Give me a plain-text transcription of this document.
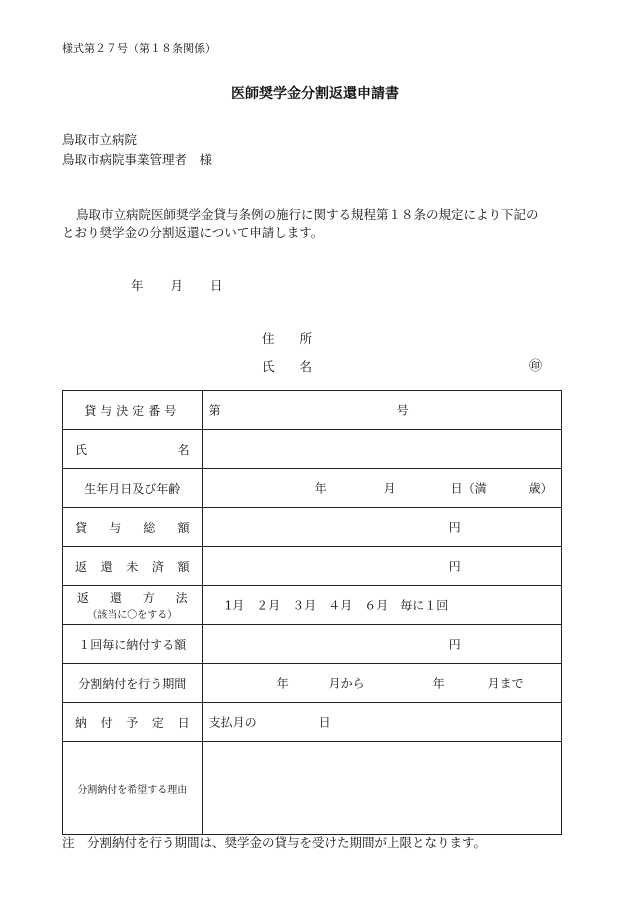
様式第２７号（第１８条関係）
医師奨学金分割返還申請書
鳥取市立病院
鳥取市病院事業管理者　様
鳥取市立病院医師奨学金貸与条例の施行に関する規程第１８条の規定により下記の
とおり奨学金の分割返還について申請します。
年 月 日
住　　所
氏　　名	㊞
貸与決定番号	第 号

氏 名	

生年月日及び年齢	年 月 日（満 歳）

貸 与 総 額	円

返 還 未 済 額	円

返 還 方 法
（該当に〇をする）	1月　２月　３月　４月　６月　毎に１回

１回毎に納付する額	円

分割納付を行う期間	年 月から 年 月まで

納 付 予 定 日	支払月の 日

分割納付を希望する理由	

注　分割納付を行う期間は、奨学金の貸与を受けた期間が上限となります。
